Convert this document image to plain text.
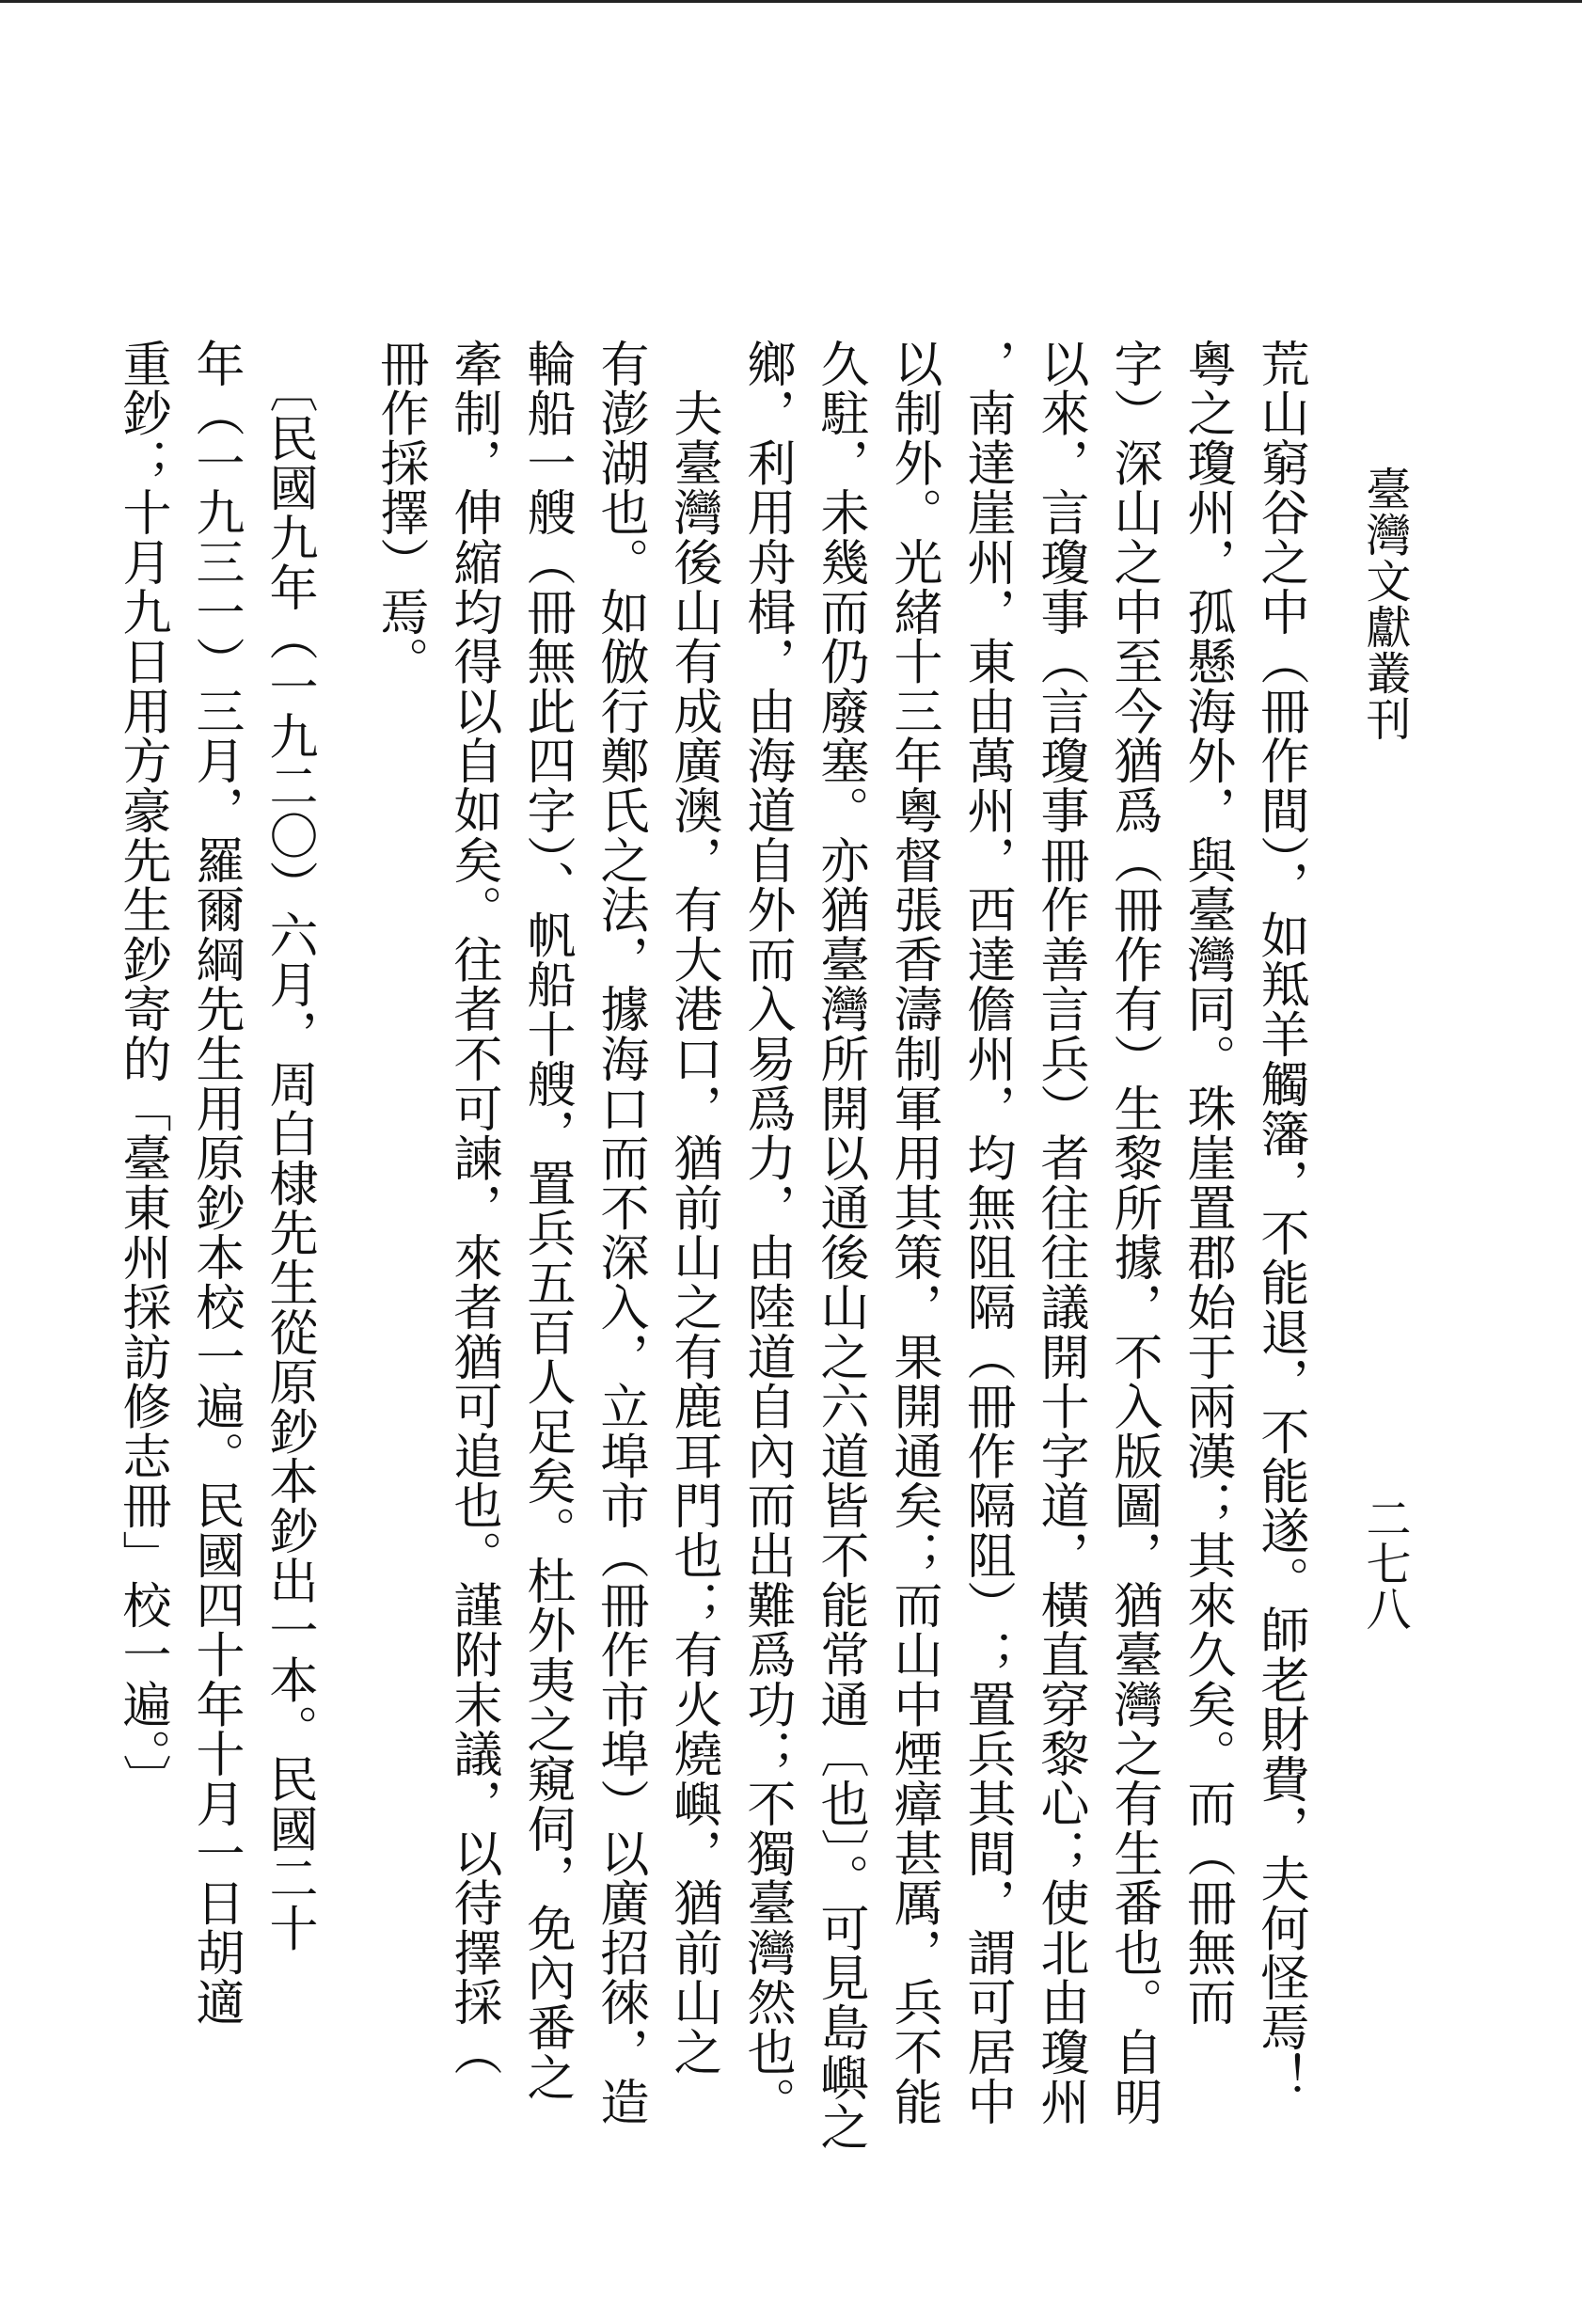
臺灣文獻叢刊
二七八

荒山窮谷之中（冊作間），如羝羊觸籓，不能退，不能遂。師老財費，夫何怪焉！

粵之瓊州，孤懸海外，與臺灣同。珠崖置郡始于兩漢；其來久矣。而（冊無而

字）深山之中至今猶爲（冊作有）生黎所據，不入版圖，猶臺灣之有生番也。自明

以來，言瓊事（言瓊事冊作善言兵）者往往議開十字道，橫直穿黎心；使北由瓊州

，南達崖州，東由萬州，西達儋州，均無阻隔（冊作隔阻）；置兵其間，謂可居中

以制外。光緒十三年粵督張香濤制軍用其策，果開通矣；而山中煙瘴甚厲，兵不能

久駐，未幾而仍廢塞。亦猶臺灣所開以通後山之六道皆不能常通〔也〕。可見島嶼之

鄉，利用舟楫，由海道自外而入易爲力，由陸道自內而出難爲功；不獨臺灣然也。

　夫臺灣後山有成廣澳，有大港口，猶前山之有鹿耳門也；有火燒嶼，猶前山之

有澎湖也。如倣行鄭氏之法，據海口而不深入，立埠市（冊作市埠）以廣招徠，造

輪船一艘（冊無此四字）、帆船十艘，置兵五百人足矣。杜外夷之窺伺，免內番之

牽制，伸縮均得以自如矣。往者不可諫，來者猶可追也。謹附末議，以待擇採（

冊作採擇）焉。

　〔民國九年（一九二〇）六月，周白棣先生從原鈔本鈔出一本。民國二十

年（一九三一）三月，羅爾綱先生用原鈔本校一遍。民國四十年十月一日胡適

重鈔；十月九日用方豪先生鈔寄的「臺東州採訪修志冊」校一遍。〕
